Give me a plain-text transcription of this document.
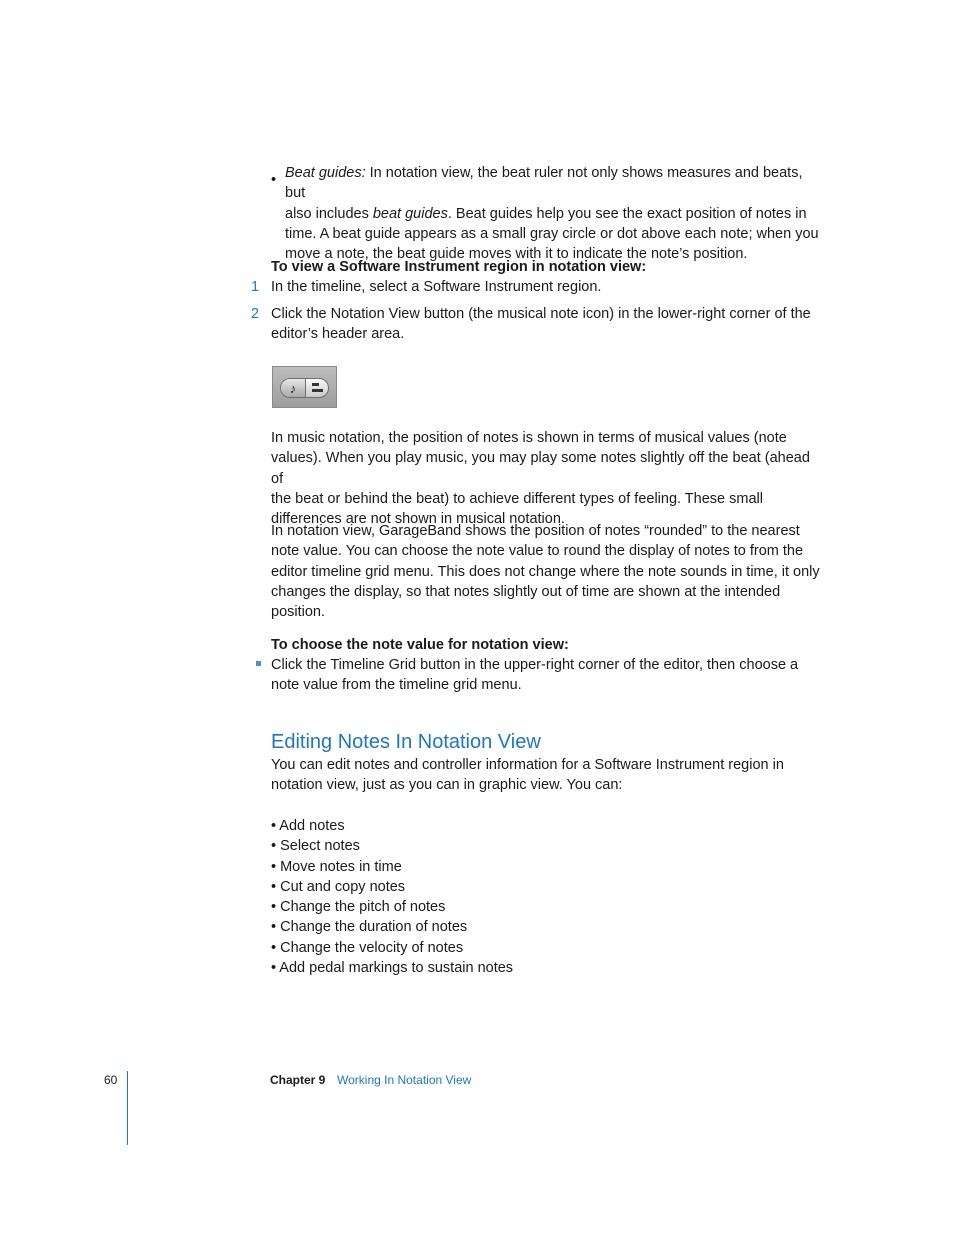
• Beat guides: In notation view, the beat ruler not only shows measures and beats, but
also includes beat guides. Beat guides help you see the exact position of notes in
time. A beat guide appears as a small gray circle or dot above each note; when you
move a note, the beat guide moves with it to indicate the note’s position.
To view a Software Instrument region in notation view:
1 In the timeline, select a Software Instrument region.
2 Click the Notation View button (the musical note icon) in the lower-right corner of the
editor’s header area.
♪
In music notation, the position of notes is shown in terms of musical values (note
values). When you play music, you may play some notes slightly off the beat (ahead of
the beat or behind the beat) to achieve different types of feeling. These small
differences are not shown in musical notation.
In notation view, GarageBand shows the position of notes “rounded” to the nearest
note value. You can choose the note value to round the display of notes to from the
editor timeline grid menu. This does not change where the note sounds in time, it only
changes the display, so that notes slightly out of time are shown at the intended
position.
To choose the note value for notation view:
Click the Timeline Grid button in the upper-right corner of the editor, then choose a
note value from the timeline grid menu.
Editing Notes In Notation View
You can edit notes and controller information for a Software Instrument region in
notation view, just as you can in graphic view. You can:
• Add notes
• Select notes
• Move notes in time
• Cut and copy notes
• Change the pitch of notes
• Change the duration of notes
• Change the velocity of notes
• Add pedal markings to sustain notes
60	Chapter 9 Working In Notation View
